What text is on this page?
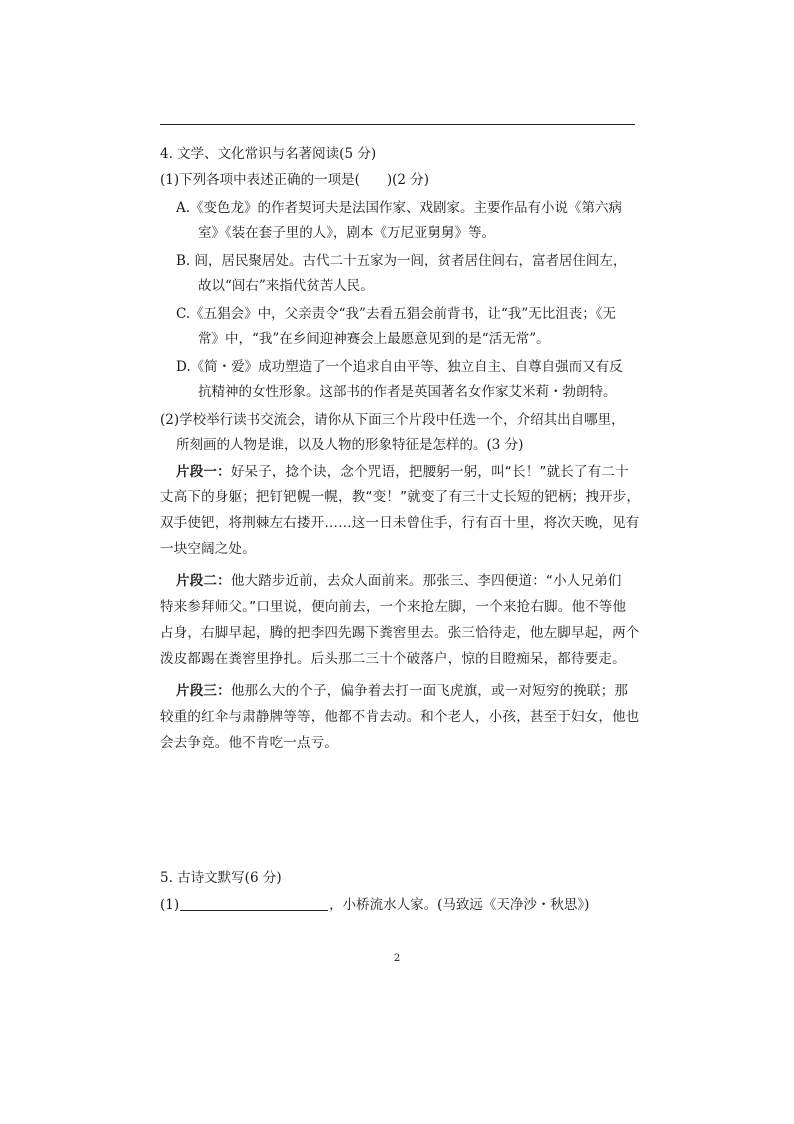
4. 文学、文化常识与名著阅读(5 分)
(1)下列各项中表述正确的一项是(　　)(2 分)
A.《变色龙》的作者契诃夫是法国作家、戏剧家。主要作品有小说《第六病
室》《装在套子里的人》，剧本《万尼亚舅舅》等。
B. 闾，居民聚居处。古代二十五家为一闾，贫者居住闾右，富者居住闾左，
故以“闾右”来指代贫苦人民。
C.《五猖会》中，父亲责令“我”去看五猖会前背书，让“我”无比沮丧；《无
常》中，“我”在乡间迎神赛会上最愿意见到的是“活无常”。
D.《简・爱》成功塑造了一个追求自由平等、独立自主、自尊自强而又有反
抗精神的女性形象。这部书的作者是英国著名女作家艾米莉・勃朗特。
(2)学校举行读书交流会，请你从下面三个片段中任选一个，介绍其出自哪里，
所刻画的人物是谁，以及人物的形象特征是怎样的。(3 分)
片段一：好呆子，捻个诀，念个咒语，把腰躬一躬，叫“长！”就长了有二十
丈高下的身躯；把钉钯幌一幌，教“变！”就变了有三十丈长短的钯柄；拽开步，
双手使钯，将荆棘左右搂开……这一日未曾住手，行有百十里，将次天晚，见有
一块空阔之处。
片段二：他大踏步近前，去众人面前来。那张三、李四便道：“小人兄弟们
特来参拜师父。”口里说，便向前去，一个来抢左脚，一个来抢右脚。他不等他
占身，右脚早起，腾的把李四先踢下粪窖里去。张三恰待走，他左脚早起，两个
泼皮都踢在粪窖里挣扎。后头那二三十个破落户，惊的目瞪痴呆，都待要走。
片段三：他那么大的个子，偏争着去打一面飞虎旗，或一对短穷的挽联；那
较重的红伞与肃静牌等等，他都不肯去动。和个老人，小孩，甚至于妇女，他也
会去争竞。他不肯吃一点亏。
5. 古诗文默写(6 分)
(1)	，小桥流水人家。(马致远《天净沙・秋思》)
2
